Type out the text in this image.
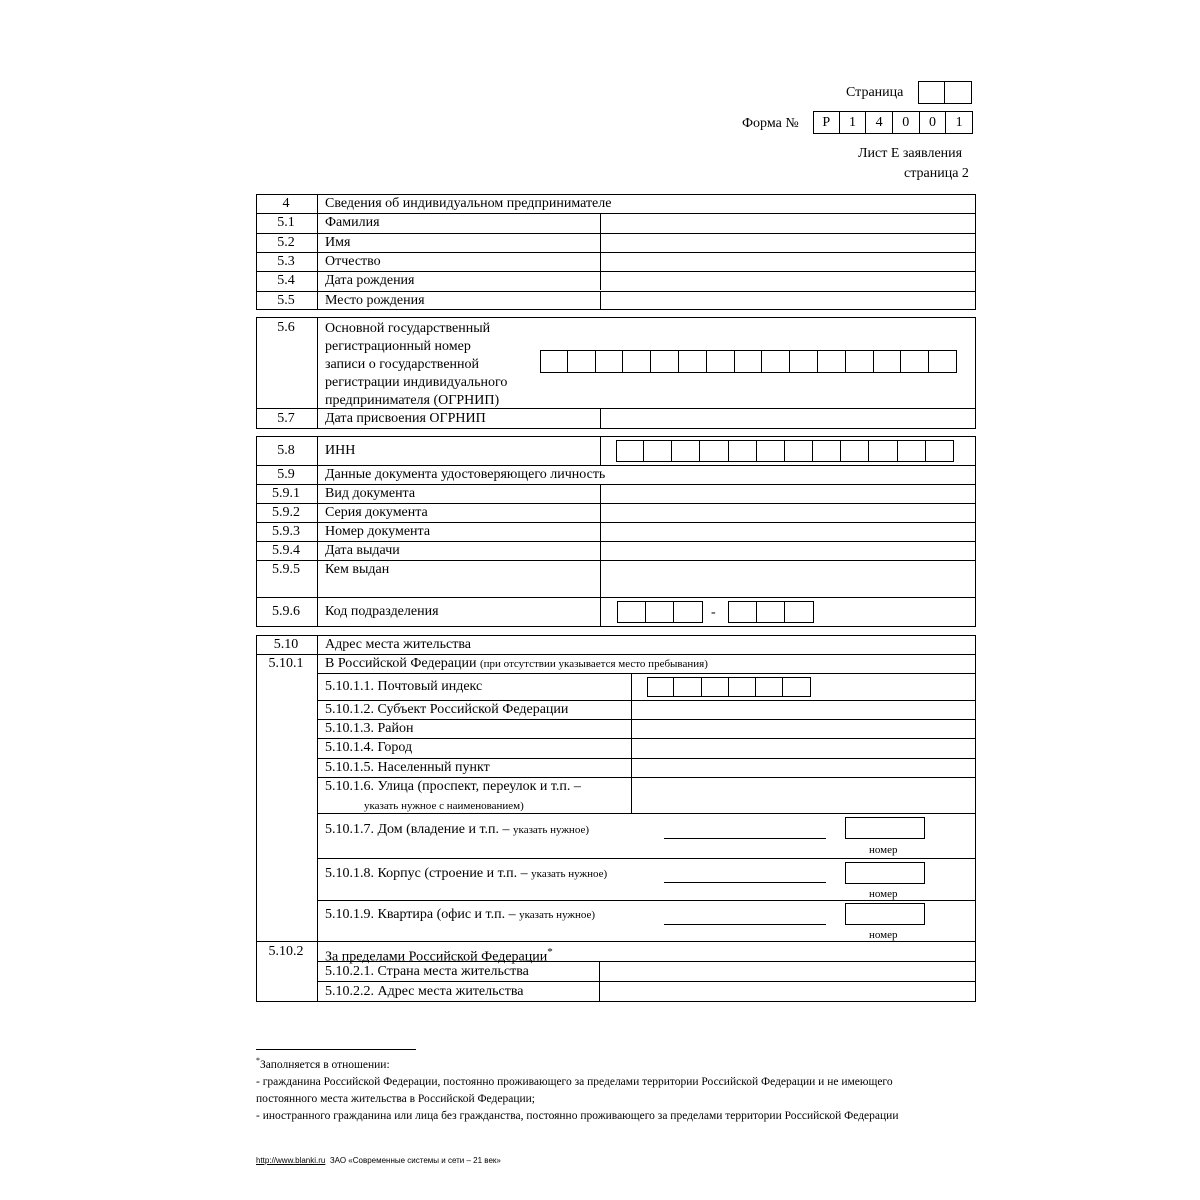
Страница
Форма №	Р	1	4	0	0	1
Лист Е заявления
страница 2
4	Сведения об индивидуальном предпринимателе
5.1	Фамилия
5.2	Имя
5.3	Отчество
5.4	Дата рождения
5.5	Место рождения
5.6	Основной государственный
регистрационный номер
записи о государственной
регистрации индивидуального
предпринимателя (ОГРНИП)
5.7	Дата присвоения ОГРНИП
5.8	ИНН
5.9	Данные документа удостоверяющего личность
5.9.1	Вид документа
5.9.2	Серия документа
5.9.3	Номер документа
5.9.4	Дата выдачи
5.9.5	Кем выдан
5.9.6	Код подразделения	-
5.10	Адрес места жительства
5.10.1	В Российской Федерации (при отсутствии указывается место пребывания)
5.10.1.1. Почтовый индекс
5.10.1.2. Субъект Российской Федерации
5.10.1.3. Район
5.10.1.4. Город
5.10.1.5. Населенный пункт
5.10.1.6. Улица (проспект, переулок и т.п. –
указать нужное с наименованием)
5.10.1.7. Дом (владение и т.п. – указать нужное)
номер
5.10.1.8. Корпус (строение и т.п. – указать нужное)
номер
5.10.1.9. Квартира (офис и т.п. – указать нужное)
номер
5.10.2	За пределами Российской Федерации*
5.10.2.1. Страна места жительства
5.10.2.2. Адрес места жительства
*Заполняется в отношении:
- гражданина Российской Федерации, постоянно проживающего за пределами территории Российской Федерации и не имеющего
постоянного места жительства в Российской Федерации;
- иностранного гражданина или лица без гражданства, постоянно проживающего за пределами территории Российской Федерации
http://www.blanki.ru ЗАО «Современные системы и сети – 21 век»
